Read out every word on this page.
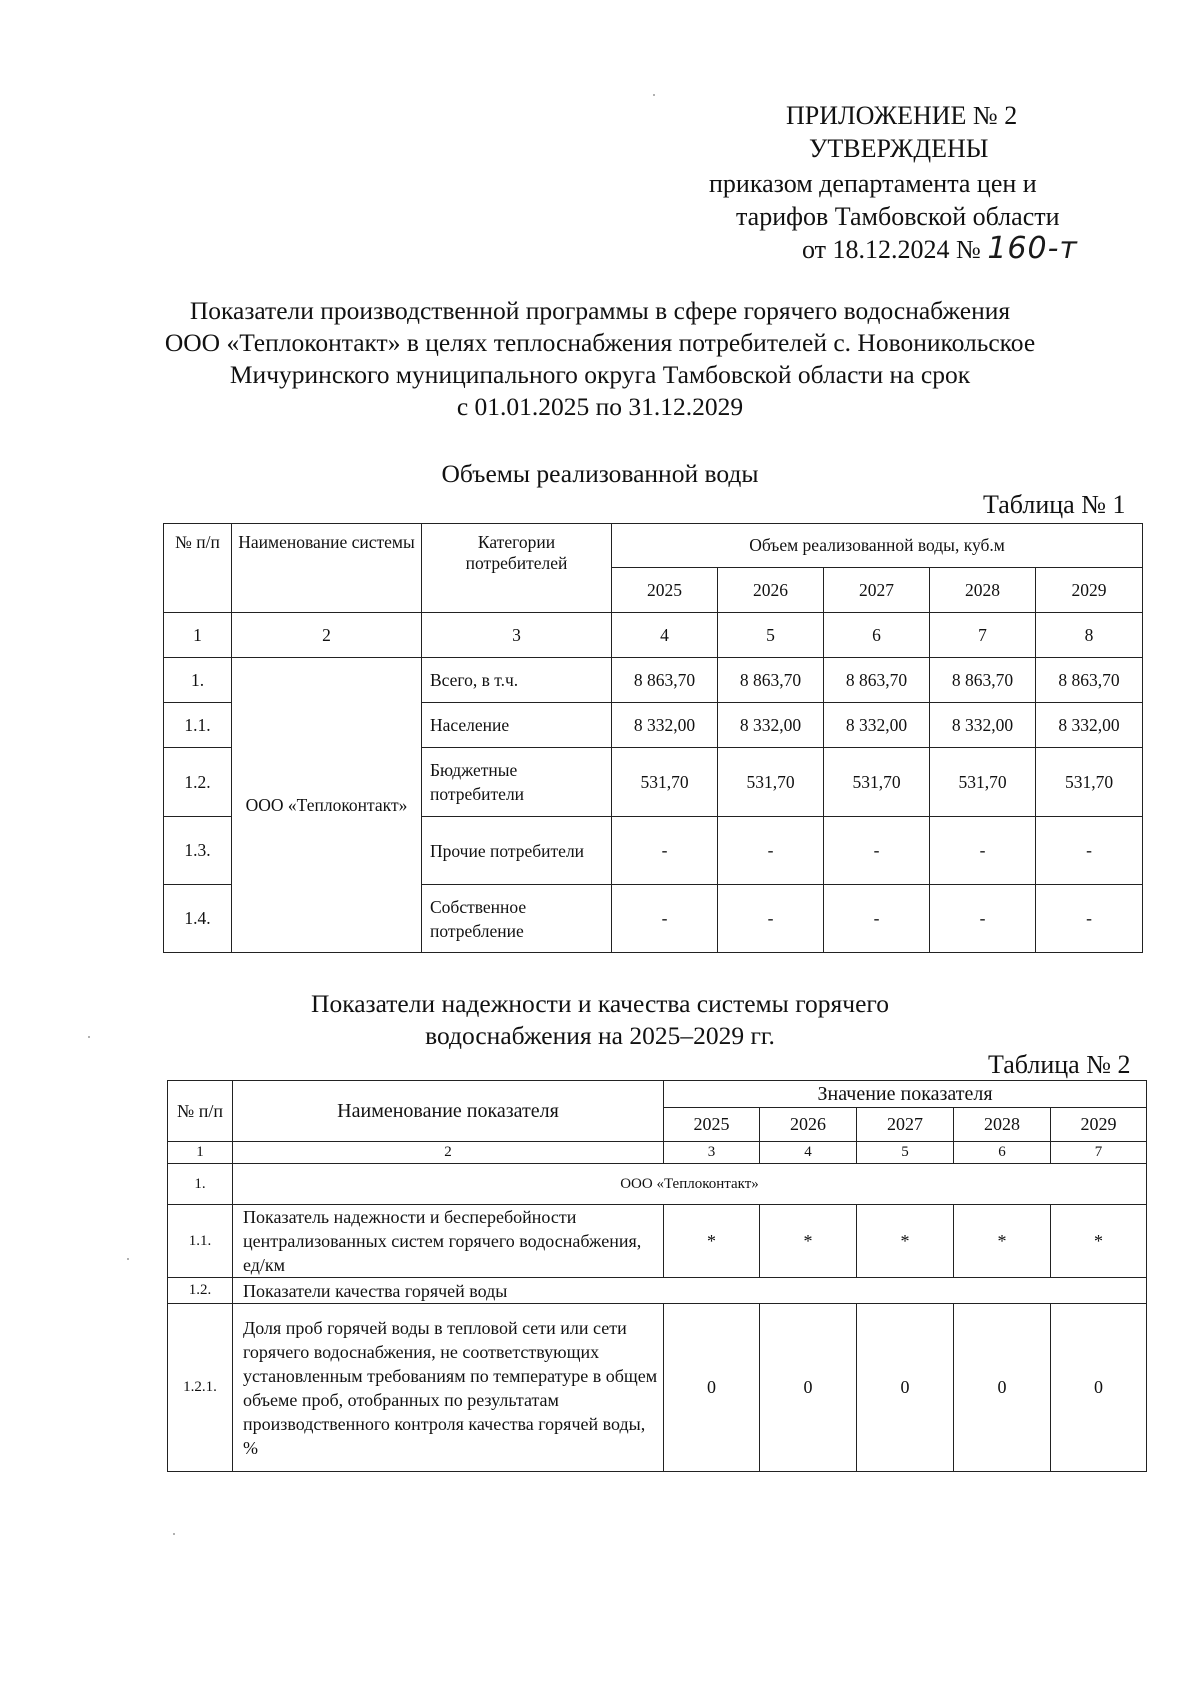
ПРИЛОЖЕНИЕ № 2
УТВЕРЖДЕНЫ
приказом департамента цен и
тарифов Тамбовской области
от 18.12.2024 № 160-т
Показатели производственной программы в сфере горячего водоснабжения
ООО «Теплоконтакт» в целях теплоснабжения потребителей с. Новоникольское
Мичуринского муниципального округа Тамбовской области на срок
с 01.01.2025 по 31.12.2029
Объемы реализованной воды
Таблица № 1
№ п/п	Наименование системы	Категории потребителей	Объем реализованной воды, куб.м				
			2025	2026	2027	2028	2029
1	2	3	4	5	6	7	8
1.	ООО «Теплоконтакт»	Всего, в т.ч.	8 863,70	8 863,70	8 863,70	8 863,70	8 863,70
1.1.		Население	8 332,00	8 332,00	8 332,00	8 332,00	8 332,00
1.2.		Бюджетные потребители	531,70	531,70	531,70	531,70	531,70
1.3.		Прочие потребители	-	-	-	-	-
1.4.		Собственное потребление	-	-	-	-	-
Показатели надежности и качества системы горячего
водоснабжения на 2025–2029 гг.
Таблица № 2
№ п/п	Наименование показателя	Значение показателя				
		2025	2026	2027	2028	2029
1	2	3	4	5	6	7
1.	ООО «Теплоконтакт»					
1.1.	Показатель надежности и бесперебойности централизованных систем горячего водоснабжения, ед/км	*	*	*	*	*
1.2.	Показатели качества горячей воды					
1.2.1.	Доля проб горячей воды в тепловой сети или сети горячего водоснабжения, не соответствующих установленным требованиям по температуре в общем объеме проб, отобранных по результатам производственного контроля качества горячей воды, %	0	0	0	0	0
